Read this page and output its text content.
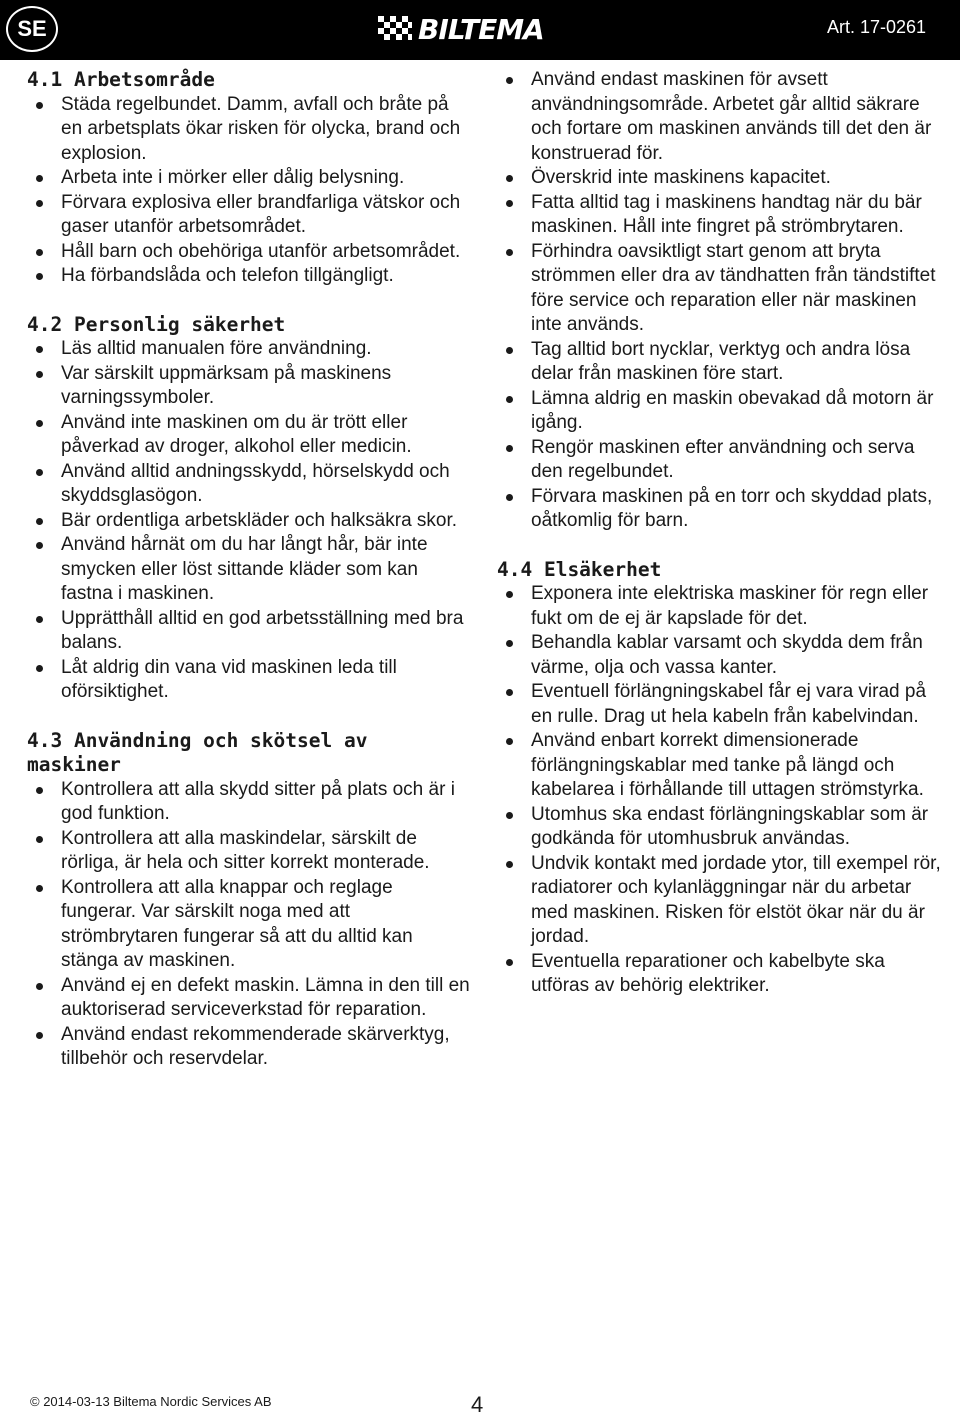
SE	BILTEMA	Art. 17-0261
4.1 Arbetsområde
Städa regelbundet. Damm, avfall och bråte på en arbetsplats ökar risken för olycka, brand och explosion.
Arbeta inte i mörker eller dålig belysning.
Förvara explosiva eller brandfarliga vätskor och gaser utanför arbetsområdet.
Håll barn och obehöriga utanför arbetsområdet.
Ha förbandslåda och telefon tillgängligt.
4.2 Personlig säkerhet
Läs alltid manualen före användning.
Var särskilt uppmärksam på maskinens varningssymboler.
Använd inte maskinen om du är trött eller påverkad av droger, alkohol eller medicin.
Använd alltid andningsskydd, hörselskydd och skyddsglasögon.
Bär ordentliga arbetskläder och halksäkra skor.
Använd hårnät om du har långt hår, bär inte smycken eller löst sittande kläder som kan fastna i maskinen.
Upprätthåll alltid en god arbetsställning med bra balans.
Låt aldrig din vana vid maskinen leda till oförsiktighet.
4.3 Användning och skötsel av maskiner
Kontrollera att alla skydd sitter på plats och är i god funktion.
Kontrollera att alla maskindelar, särskilt de rörliga, är hela och sitter korrekt monterade.
Kontrollera att alla knappar och reglage fungerar. Var särskilt noga med att strömbrytaren fungerar så att du alltid kan stänga av maskinen.
Använd ej en defekt maskin. Lämna in den till en auktoriserad serviceverkstad för reparation.
Använd endast rekommenderade skärverktyg, tillbehör och reservdelar.
Använd endast maskinen för avsett användningsområde. Arbetet går alltid säkrare och fortare om maskinen används till det den är konstruerad för.
Överskrid inte maskinens kapacitet.
Fatta alltid tag i maskinens handtag när du bär maskinen. Håll inte fingret på strömbrytaren.
Förhindra oavsiktligt start genom att bryta strömmen eller dra av tändhatten från tändstiftet före service och reparation eller när maskinen inte används.
Tag alltid bort nycklar, verktyg och andra lösa delar från maskinen före start.
Lämna aldrig en maskin obevakad då motorn är igång.
Rengör maskinen efter användning och serva den regelbundet.
Förvara maskinen på en torr och skyddad plats, oåtkomlig för barn.
4.4 Elsäkerhet
Exponera inte elektriska maskiner för regn eller fukt om de ej är kapslade för det.
Behandla kablar varsamt och skydda dem från värme, olja och vassa kanter.
Eventuell förlängningskabel får ej vara virad på en rulle. Drag ut hela kabeln från kabelvindan.
Använd enbart korrekt dimensionerade förlängningskablar med tanke på längd och kabelarea i förhållande till uttagen strömstyrka.
Utomhus ska endast förlängningskablar som är godkända för utomhusbruk användas.
Undvik kontakt med jordade ytor, till exempel rör, radiatorer och kylanläggningar när du arbetar med maskinen. Risken för elstöt ökar när du är jordad.
Eventuella reparationer och kabelbyte ska utföras av behörig elektriker.
© 2014-03-13 Biltema Nordic Services AB	4
